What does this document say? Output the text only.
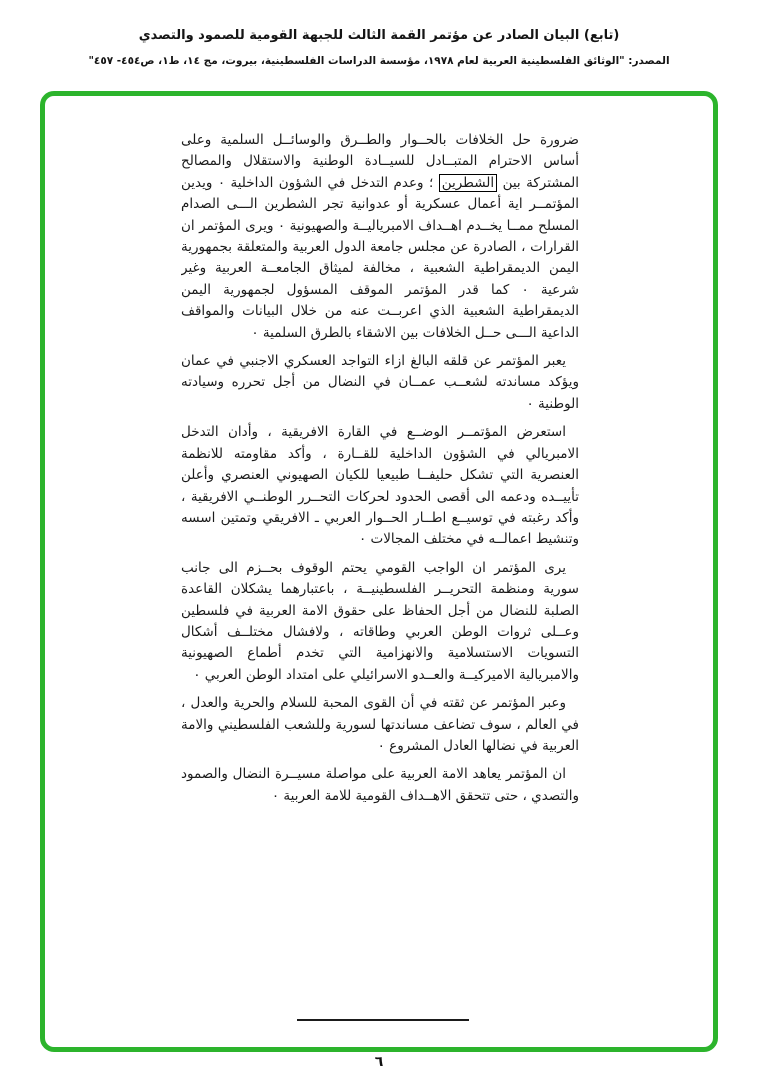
(تابع) البيان الصادر عن مؤتمر القمة الثالث للجبهة القومية للصمود والتصدي
المصدر: "الوثائق الفلسطينية العربية لعام ١٩٧٨، مؤسسة الدراسات الفلسطينية، بيروت، مج ١٤، ط١، ص٤٥٤- ٤٥٧"

ضرورة حل الخلافات بالحــوار والطــرق والوسائــل السلمية وعلى أساس الاحترام المتبــادل للسيــادة الوطنية والاستقلال والمصالح المشتركة بين الشطرين ؛ وعدم التدخل في الشؤون الداخلية ٠ ويدين المؤتمــر اية أعمال عسكرية أو عدوانية تجر الشطرين الـــى الصدام المسلح ممــا يخــدم اهــداف الامبرياليــة والصهيونية ٠ ويرى المؤتمر ان القرارات ، الصادرة عن مجلس جامعة الدول العربية والمتعلقة بجمهورية اليمن الديمقراطية الشعبية ، مخالفة لميثاق الجامعــة العربية وغير شرعية ٠ كما قدر المؤتمر الموقف المسؤول لجمهورية اليمن الديمقراطية الشعبية الذي اعربــت عنه من خلال البيانات والمواقف الداعية الـــى حــل الخلافات بين الاشقاء بالطرق السلمية ٠

يعبر المؤتمر عن قلقه البالغ ازاء التواجد العسكري الاجنبي في عمان ويؤكد مساندته لشعــب عمــان في النضال من أجل تحرره وسيادته الوطنية ٠

استعرض المؤتمــر الوضــع في القارة الافريقية ، وأدان التدخل الامبريالي في الشؤون الداخلية للقــارة ، وأكد مقاومته للانظمة العنصرية التي تشكل حليفــا طبيعيا للكيان الصهيوني العنصري وأعلن تأييــده ودعمه الى أقصى الحدود لحركات التحــرر الوطنــي الافريقية ، وأكد رغبته في توسيــع اطــار الحــوار العربي ـ الافريقي وتمتين اسسه وتنشيط اعمالــه في مختلف المجالات ٠

يرى المؤتمر ان الواجب القومي يحتم الوقوف بحــزم الى جانب سورية ومنظمة التحريــر الفلسطينيــة ، باعتبارهما يشكلان القاعدة الصلبة للنضال من أجل الحفاظ على حقوق الامة العربية في فلسطين وعــلى ثروات الوطن العربي وطاقاته ، ولافشال مختلــف أشكال التسويات الاستسلامية والانهزامية التي تخدم أطماع الصهيونية والامبريالية الاميركيــة والعــدو الاسرائيلي على امتداد الوطن العربي ٠

وعبر المؤتمر عن ثقته في أن القوى المحبة للسلام والحرية والعدل ، في العالم ، سوف تضاعف مساندتها لسورية وللشعب الفلسطيني والامة العربية في نضالها العادل المشروع ٠

ان المؤتمر يعاهد الامة العربية على مواصلة مسيــرة النضال والصمود والتصدي ، حتى تتحقق الاهــداف القومية للامة العربية ٠

٦
